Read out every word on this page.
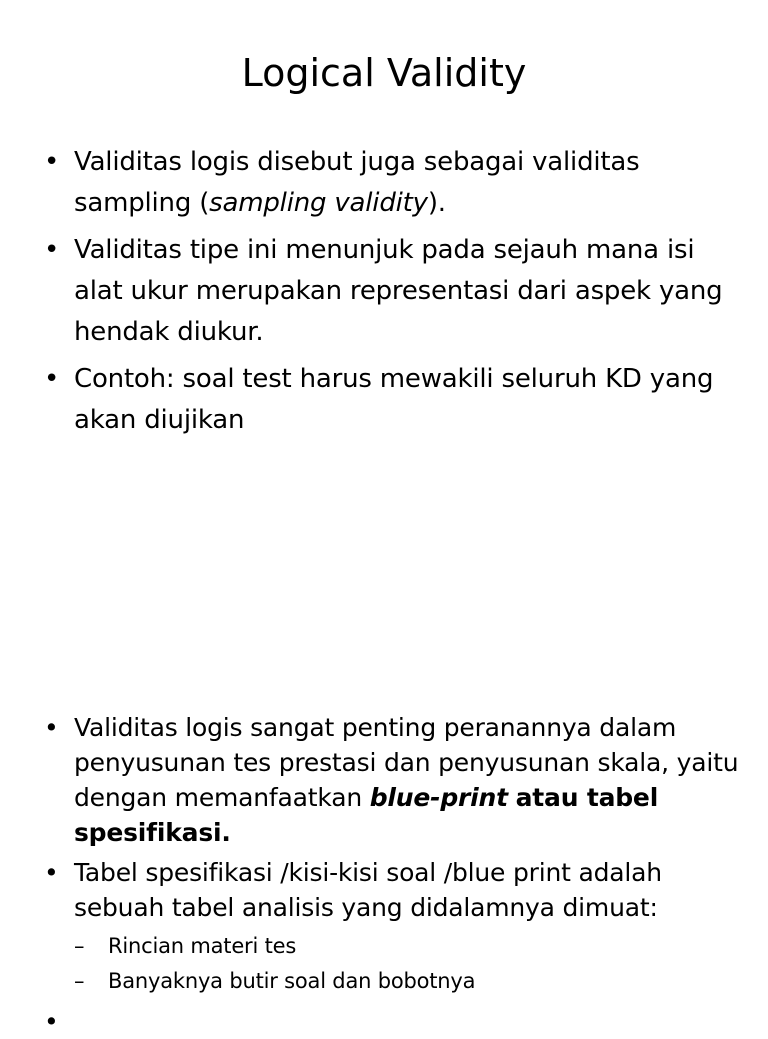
Logical Validity
• Validitas logis disebut juga sebagai validitas sampling (sampling validity).
• Validitas tipe ini menunjuk pada sejauh mana isi alat ukur merupakan representasi dari aspek yang hendak diukur.
• Contoh: soal test harus mewakili seluruh KD yang akan diujikan
• Validitas logis sangat penting peranannya dalam penyusunan tes prestasi dan penyusunan skala, yaitu dengan memanfaatkan blue-print atau tabel spesifikasi.
• Tabel spesifikasi /kisi-kisi soal /blue print adalah sebuah tabel analisis yang didalamnya dimuat:
– Rincian materi tes
– Banyaknya butir soal dan bobotnya
•
